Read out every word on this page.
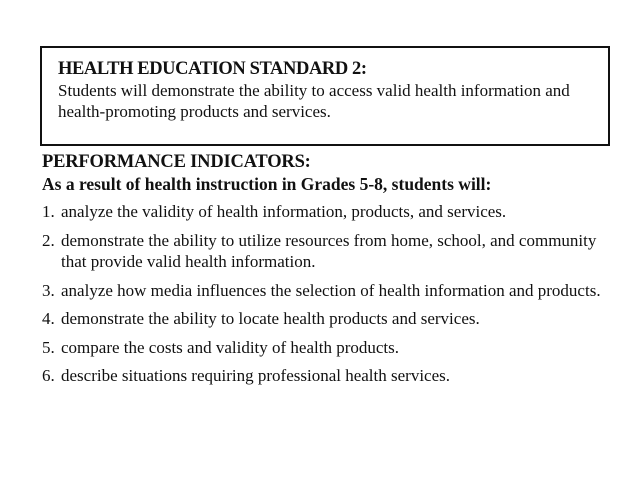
HEALTH EDUCATION STANDARD 2:

Students will demonstrate the ability to access valid health information and health-promoting products and services.

PERFORMANCE INDICATORS:

As a result of health instruction in Grades 5-8, students will:

1. analyze the validity of health information, products, and services.
2. demonstrate the ability to utilize resources from home, school, and community that provide valid health information.
3. analyze how media influences the selection of health information and products.
4. demonstrate the ability to locate health products and services.
5. compare the costs and validity of health products.
6. describe situations requiring professional health services.
